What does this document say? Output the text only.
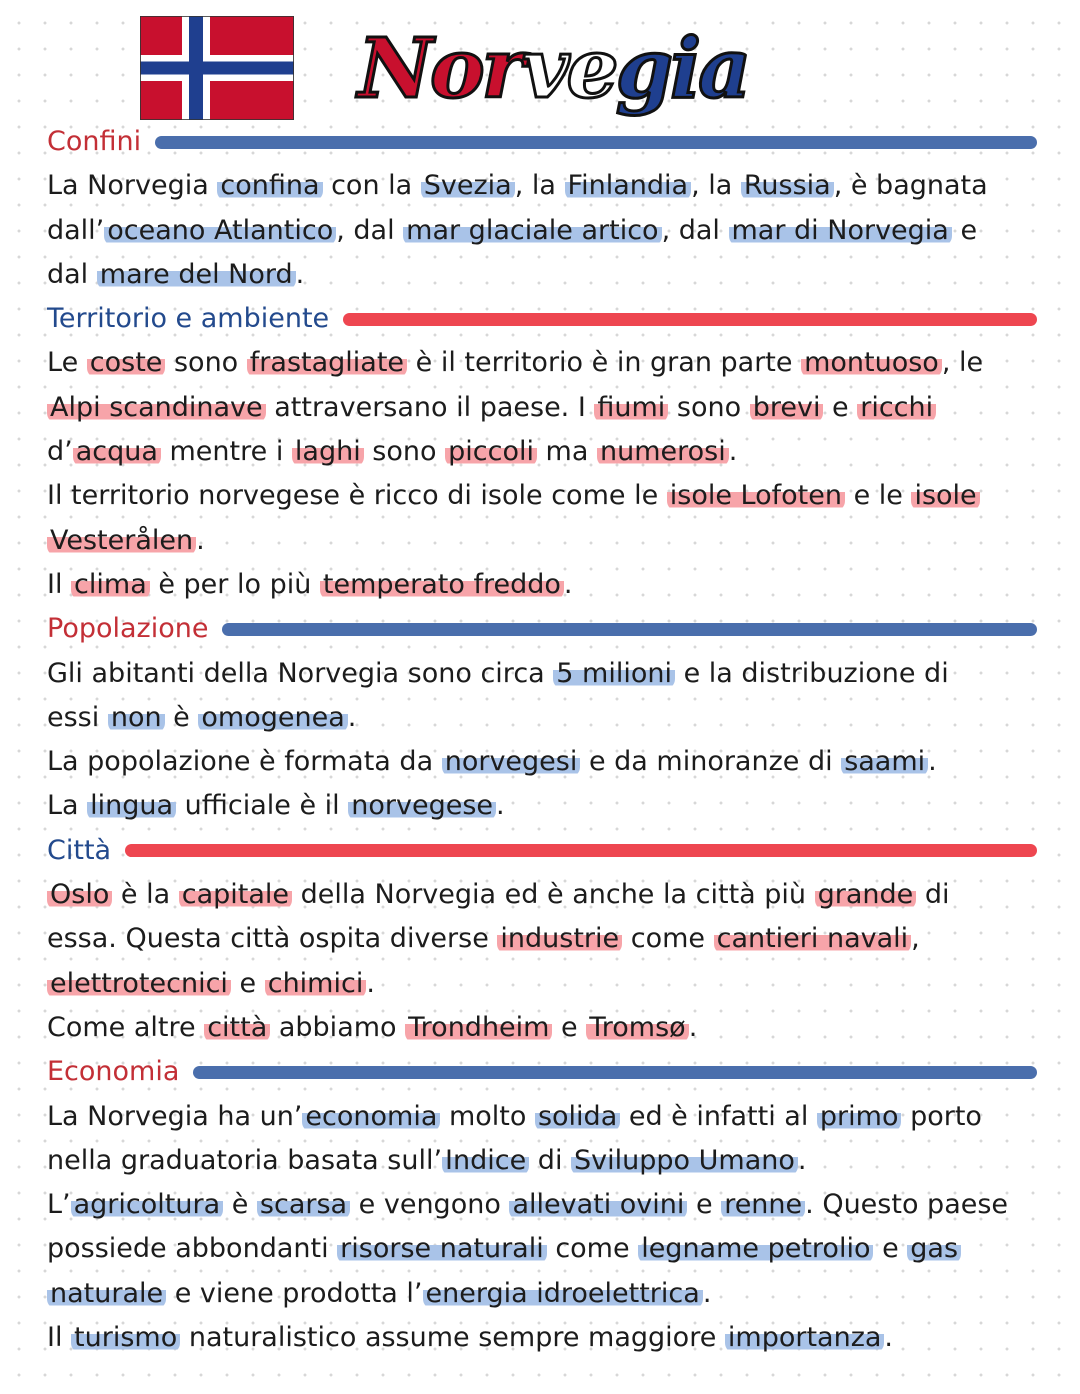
Norvegia
Confini

La Norvegia confina con la Svezia , la Finlandia , la Russia , è bagnata

dall’ oceano Atlantico , dal mar glaciale artico , dal mar di Norvegia e

dal mare del Nord .

Territorio e ambiente

Le coste sono frastagliate è il territorio è in gran parte montuoso , le

Alpi scandinave attraversano il paese. I fiumi sono brevi e ricchi

d’ acqua mentre i laghi sono piccoli ma numerosi .

Il territorio norvegese è ricco di isole come le isole Lofoten e le isole

Vesterålen .

Il clima è per lo più temperato freddo .

Popolazione

Gli abitanti della Norvegia sono circa 5 milioni e la distribuzione di

essi non è omogenea .

La popolazione è formata da norvegesi e da minoranze di saami .

La lingua ufficiale è il norvegese .

Città

Oslo è la capitale della Norvegia ed è anche la città più grande di

essa. Questa città ospita diverse industrie come cantieri navali ,

elettrotecnici e chimici .

Come altre città abbiamo Trondheim e Tromsø .

Economia

La Norvegia ha un’ economia molto solida ed è infatti al primo porto

nella graduatoria basata sull’ Indice di Sviluppo Umano .

L’ agricoltura è scarsa e vengono allevati ovini e renne . Questo paese

possiede abbondanti risorse naturali come legname petrolio e gas

naturale e viene prodotta l’ energia idroelettrica .

Il turismo naturalistico assume sempre maggiore importanza .
